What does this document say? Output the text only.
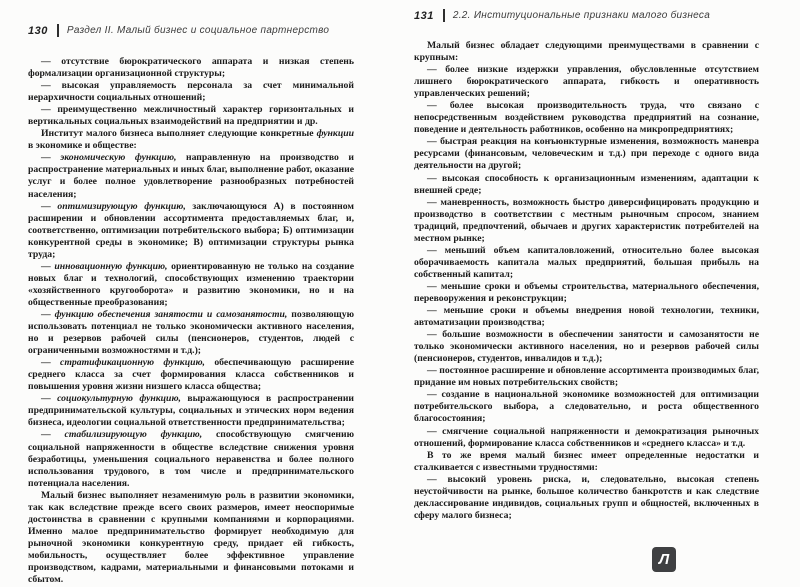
130 Раздел II. Малый бизнес и социальное партнерство
131 2.2. Институциональные признаки малого бизнеса

— отсутствие бюрократического аппарата и низкая степень формализации организационной структуры;

— высокая управляемость персонала за счет минимальной иерархичности социальных отношений;

— преимущественно межличностный характер горизонтальных и вертикальных социальных взаимодействий на предприятии и др.

Институт малого бизнеса выполняет следующие конкретные функции в экономике и обществе:

— экономическую функцию, направленную на производство и распространение материальных и иных благ, выполнение работ, оказание услуг и более полное удовлетворение разнообразных потребностей населения;

— оптимизирующую функцию, заключающуюся А) в постоянном расширении и обновлении ассортимента предоставляемых благ, и, соответственно, оптимизации потребительского выбора; Б) оптимизации конкурентной среды в экономике; В) оптимизации структуры рынка труда;

— инновационную функцию, ориентированную не только на создание новых благ и технологий, способствующих изменению траектории «хозяйственного кругооборота» и развитию экономики, но и на общественные преобразования;

— функцию обеспечения занятости и самозанятости, позволяющую использовать потенциал не только экономически активного населения, но и резервов рабочей силы (пенсионеров, студентов, людей с ограниченными возможностями и т.д.);

— стратификационную функцию, обеспечивающую расширение среднего класса за счет формирования класса собственников и повышения уровня жизни низшего класса общества;

— социокультурную функцию, выражающуюся в распространении предпринимательской культуры, социальных и этических норм ведения бизнеса, идеологии социальной ответственности предпринимательства;

— стабилизирующую функцию, способствующую смягчению социальной напряженности в обществе вследствие снижения уровня безработицы, уменьшения социального неравенства и более полного использования трудового, в том числе и предпринимательского потенциала населения.

Малый бизнес выполняет незаменимую роль в развитии экономики, так как вследствие прежде всего своих размеров, имеет неоспоримые достоинства в сравнении с крупными компаниями и корпорациями. Именно малое предпринимательство формирует необходимую для рыночной экономики конкурентную среду, придает ей гибкость, мобильность, осуществляет более эффективное управление производством, кадрами, материальными и финансовыми потоками и сбытом.

Малый бизнес обладает следующими преимуществами в сравнении с крупным:

— более низкие издержки управления, обусловленные отсутствием лишнего бюрократического аппарата, гибкость и оперативность управленческих решений;

— более высокая производительность труда, что связано с непосредственным воздействием руководства предприятий на сознание, поведение и деятельность работников, особенно на микропредприятиях;

— быстрая реакция на конъюнктурные изменения, возможность маневра ресурсами (финансовым, человеческим и т.д.) при переходе с одного вида деятельности на другой;

— высокая способность к организационным изменениям, адаптации к внешней среде;

— маневренность, возможность быстро диверсифицировать продукцию и производство в соответствии с местным рыночным спросом, знанием традиций, предпочтений, обычаев и других характеристик потребителей на местном рынке;

— меньший объем капиталовложений, относительно более высокая оборачиваемость капитала малых предприятий, большая прибыль на собственный капитал;

— меньшие сроки и объемы строительства, материального обеспечения, перевооружения и реконструкции;

— меньшие сроки и объемы внедрения новой технологии, техники, автоматизации производства;

— большие возможности в обеспечении занятости и самозанятости не только экономически активного населения, но и резервов рабочей силы (пенсионеров, студентов, инвалидов и т.д.);

— постоянное расширение и обновление ассортимента производимых благ, придание им новых потребительских свойств;

— создание в национальной экономике возможностей для оптимизации потребительского выбора, а следовательно, и роста общественного благосостояния;

— смягчение социальной напряженности и демократизация рыночных отношений, формирование класса собственников и «среднего класса» и т.д.

В то же время малый бизнес имеет определенные недостатки и сталкивается с известными трудностями:

— высокий уровень риска, и, следовательно, высокая степень неустойчивости на рынке, большое количество банкротств и как следствие деклассирование индивидов, социальных групп и общностей, включенных в сферу малого бизнеса;

Л
